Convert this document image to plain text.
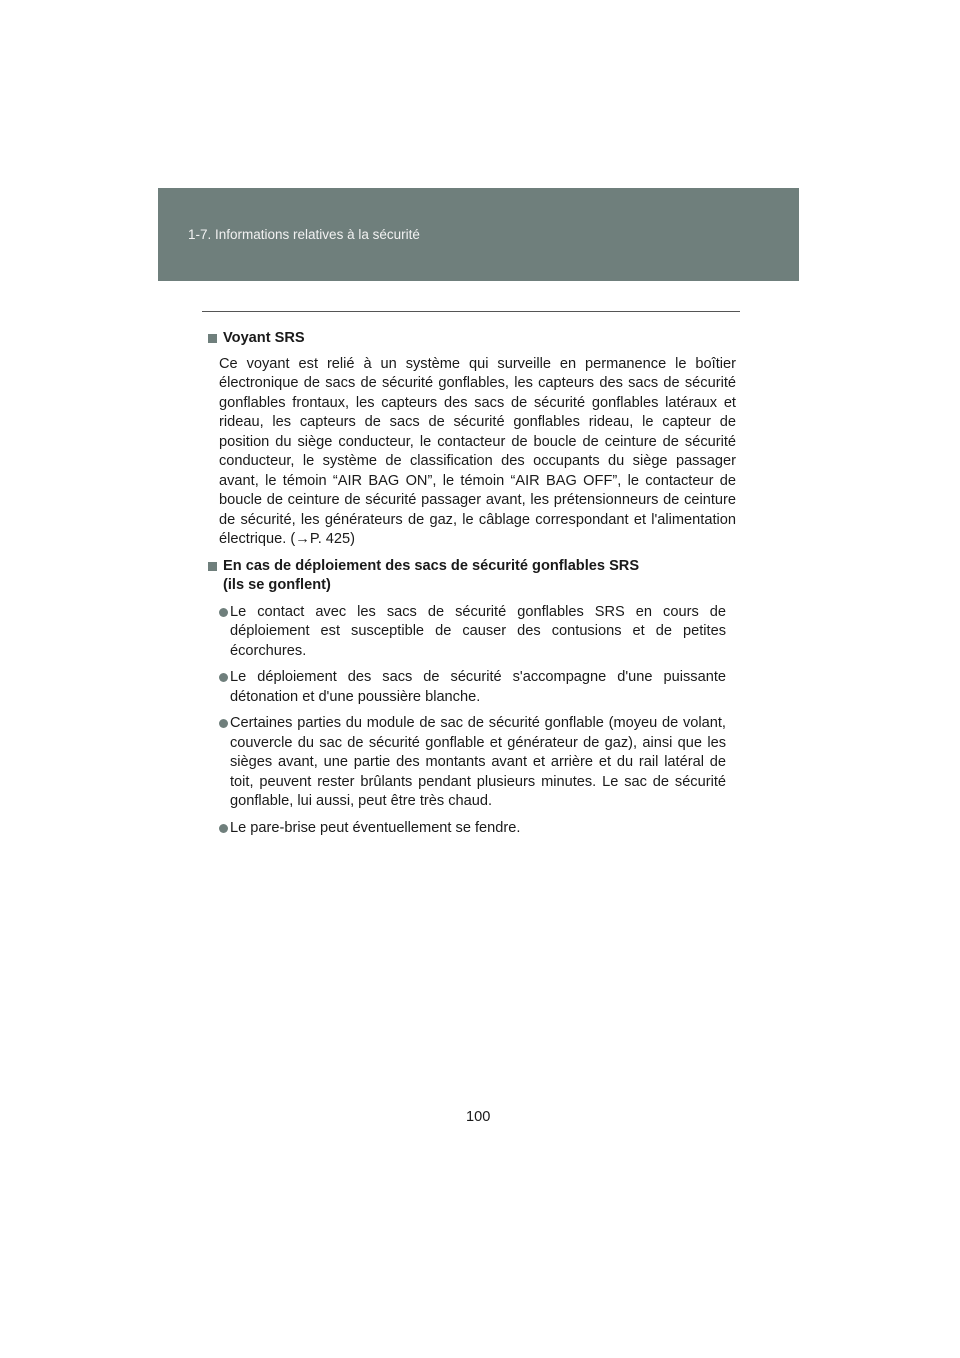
1-7. Informations relatives à la sécurité
Voyant SRS

Ce voyant est relié à un système qui surveille en permanence le boîtier électronique de sacs de sécurité gonflables, les capteurs des sacs de sécurité gonflables frontaux, les capteurs des sacs de sécurité gonflables latéraux et rideau, les capteurs de sacs de sécurité gonflables rideau, le capteur de position du siège conducteur, le contacteur de boucle de ceinture de sécurité conducteur, le système de classification des occupants du siège passager avant, le témoin “AIR BAG ON”, le témoin “AIR BAG OFF”, le contacteur de boucle de ceinture de sécurité passager avant, les prétensionneurs de ceinture de sécurité, les générateurs de gaz, le câblage correspondant et l'alimentation électrique. (→P. 425)

En cas de déploiement des sacs de sécurité gonflables SRS
(ils se gonflent)
Le contact avec les sacs de sécurité gonflables SRS en cours de déploiement est susceptible de causer des contusions et de petites écorchures.
Le déploiement des sacs de sécurité s'accompagne d'une puissante détonation et d'une poussière blanche.
Certaines parties du module de sac de sécurité gonflable (moyeu de volant, couvercle du sac de sécurité gonflable et générateur de gaz), ainsi que les sièges avant, une partie des montants avant et arrière et du rail latéral de toit, peuvent rester brûlants pendant plusieurs minutes. Le sac de sécurité gonflable, lui aussi, peut être très chaud.
Le pare-brise peut éventuellement se fendre.
100
